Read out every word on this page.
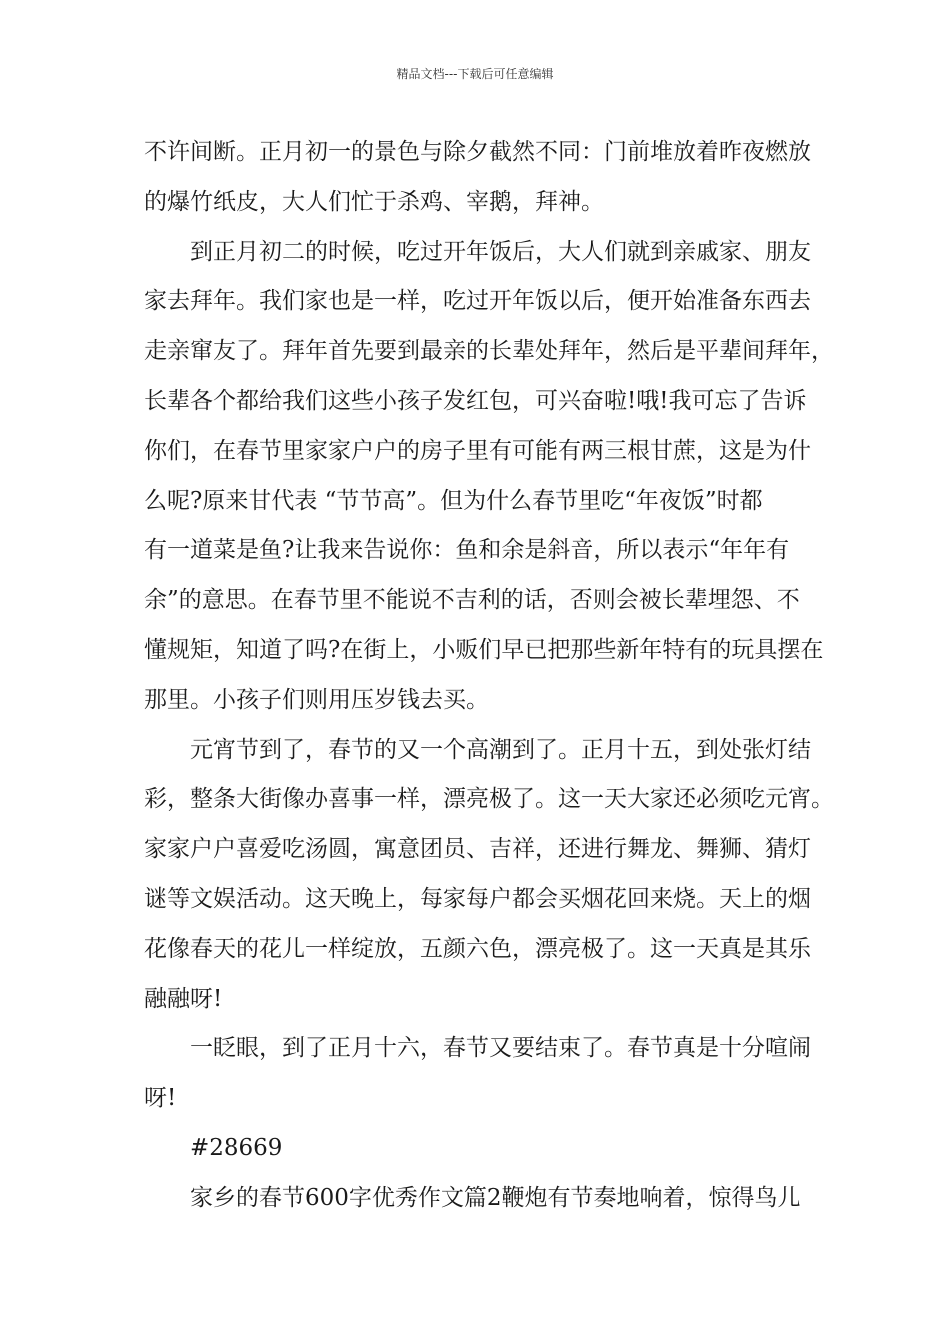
精品文档---下载后可任意编辑
不许间断。正月初一的景色与除夕截然不同：门前堆放着昨夜燃放
的爆竹纸皮，大人们忙于杀鸡、宰鹅，拜神。
到正月初二的时候，吃过开年饭后，大人们就到亲戚家、朋友
家去拜年。我们家也是一样，吃过开年饭以后，便开始准备东西去
走亲窜友了。拜年首先要到最亲的长辈处拜年，然后是平辈间拜年，
长辈各个都给我们这些小孩子发红包，可兴奋啦!哦!我可忘了告诉
你们，在春节里家家户户的房子里有可能有两三根甘蔗，这是为什
么呢?原来甘代表 “节节高”。但为什么春节里吃“年夜饭”时都
有一道菜是鱼?让我来告说你：鱼和余是斜音，所以表示“年年有
余”的意思。在春节里不能说不吉利的话，否则会被长辈埋怨、不
懂规矩，知道了吗?在街上，小贩们早已把那些新年特有的玩具摆在
那里。小孩子们则用压岁钱去买。
元宵节到了，春节的又一个高潮到了。正月十五，到处张灯结
彩，整条大街像办喜事一样，漂亮极了。这一天大家还必须吃元宵。
家家户户喜爱吃汤圆，寓意团员、吉祥，还进行舞龙、舞狮、猜灯
谜等文娱活动。这天晚上，每家每户都会买烟花回来烧。天上的烟
花像春天的花儿一样绽放，五颜六色，漂亮极了。这一天真是其乐
融融呀!
一眨眼，到了正月十六，春节又要结束了。春节真是十分喧闹
呀!
#28669
家乡的春节600字优秀作文篇2鞭炮有节奏地响着，惊得鸟儿
